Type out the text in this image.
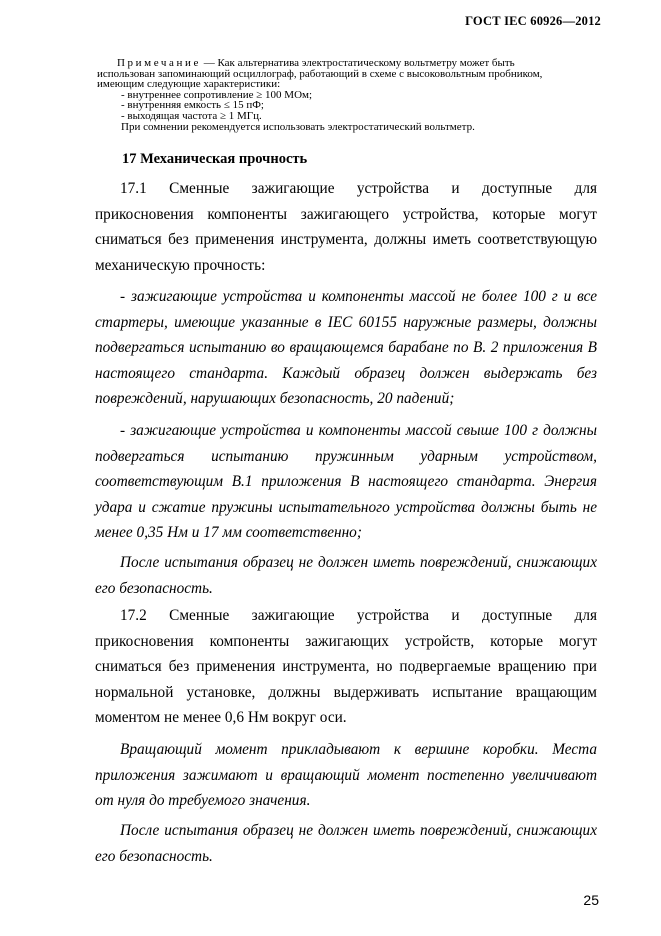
ГОСТ IEC 60926—2012
Примечание — Как альтернатива электростатическому вольтметру может быть
использован запоминающий осциллограф, работающий в схеме с высоковольтным пробником,
имеющим следующие характеристики:
- внутреннее сопротивление ≥ 100 МОм;
- внутренняя емкость ≤ 15 пФ;
- выходящая частота ≥ 1 МГц.
При сомнении рекомендуется использовать электростатический вольтметр.
17 Механическая прочность
17.1 Сменные зажигающие устройства и доступные для
прикосновения компоненты зажигающего устройства, которые могут
сниматься без применения инструмента, должны иметь соответствующую
механическую прочность:
- зажигающие устройства и компоненты массой не более 100 г и все
стартеры, имеющие указанные в IEC 60155 наружные размеры, должны
подвергаться испытанию во вращающемся барабане по В. 2 приложения В
настоящего стандарта. Каждый образец должен выдержать без
повреждений, нарушающих безопасность, 20 падений;
- зажигающие устройства и компоненты массой свыше 100 г должны
подвергаться испытанию пружинным ударным устройством,
соответствующим В.1 приложения В настоящего стандарта. Энергия
удара и сжатие пружины испытательного устройства должны быть не
менее 0,35 Нм и 17 мм соответственно;
После испытания образец не должен иметь повреждений, снижающих
его безопасность.
17.2 Сменные зажигающие устройства и доступные для
прикосновения компоненты зажигающих устройств, которые могут
сниматься без применения инструмента, но подвергаемые вращению при
нормальной установке, должны выдерживать испытание вращающим
моментом не менее 0,6 Нм вокруг оси.
Вращающий момент прикладывают к вершине коробки. Места
приложения зажимают и вращающий момент постепенно увеличивают
от нуля до требуемого значения.
После испытания образец не должен иметь повреждений, снижающих
его безопасность.
25
